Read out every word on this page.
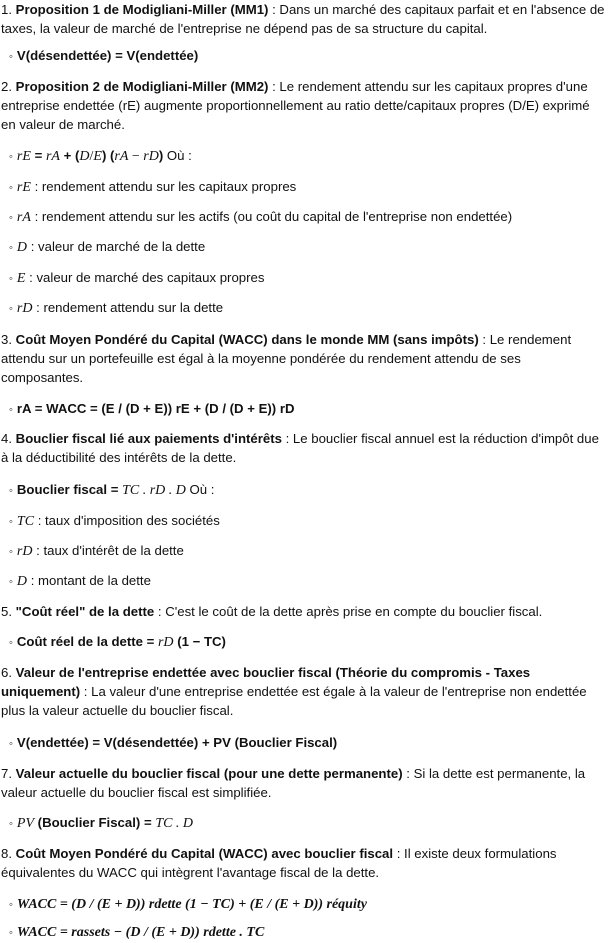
1. Proposition 1 de Modigliani-Miller (MM1) : Dans un marché des capitaux parfait et en l'absence de taxes, la valeur de marché de l'entreprise ne dépend pas de sa structure du capital.

◦ V(désendettée) = V(endettée)

2. Proposition 2 de Modigliani-Miller (MM2) : Le rendement attendu sur les capitaux propres d'une entreprise endettée (rE) augmente proportionnellement au ratio dette/capitaux propres (D/E) exprimé en valeur de marché.

◦ rE = rA + (D/E) (rA − rD) Où :

◦ rE : rendement attendu sur les capitaux propres

◦ rA : rendement attendu sur les actifs (ou coût du capital de l'entreprise non endettée)

◦ D : valeur de marché de la dette

◦ E : valeur de marché des capitaux propres

◦ rD : rendement attendu sur la dette

3. Coût Moyen Pondéré du Capital (WACC) dans le monde MM (sans impôts) : Le rendement attendu sur un portefeuille est égal à la moyenne pondérée du rendement attendu de ses composantes.

◦ rA = WACC = (E / (D + E)) rE + (D / (D + E)) rD

4. Bouclier fiscal lié aux paiements d'intérêts : Le bouclier fiscal annuel est la réduction d'impôt due à la déductibilité des intérêts de la dette.

◦ Bouclier fiscal = TC . rD . D Où :

◦ TC : taux d'imposition des sociétés

◦ rD : taux d'intérêt de la dette

◦ D : montant de la dette

5. "Coût réel" de la dette : C'est le coût de la dette après prise en compte du bouclier fiscal.

◦ Coût réel de la dette = rD (1 − TC)

6. Valeur de l'entreprise endettée avec bouclier fiscal (Théorie du compromis - Taxes uniquement) : La valeur d'une entreprise endettée est égale à la valeur de l'entreprise non endettée plus la valeur actuelle du bouclier fiscal.

◦ V(endettée) = V(désendettée) + PV (Bouclier Fiscal)

7. Valeur actuelle du bouclier fiscal (pour une dette permanente) : Si la dette est permanente, la valeur actuelle du bouclier fiscal est simplifiée.

◦ PV (Bouclier Fiscal) = TC . D

8. Coût Moyen Pondéré du Capital (WACC) avec bouclier fiscal : Il existe deux formulations équivalentes du WACC qui intègrent l'avantage fiscal de la dette.

◦ WACC = (D / (E + D)) rdette (1 − TC) + (E / (E + D)) réquity

◦ WACC = rassets − (D / (E + D)) rdette . TC
